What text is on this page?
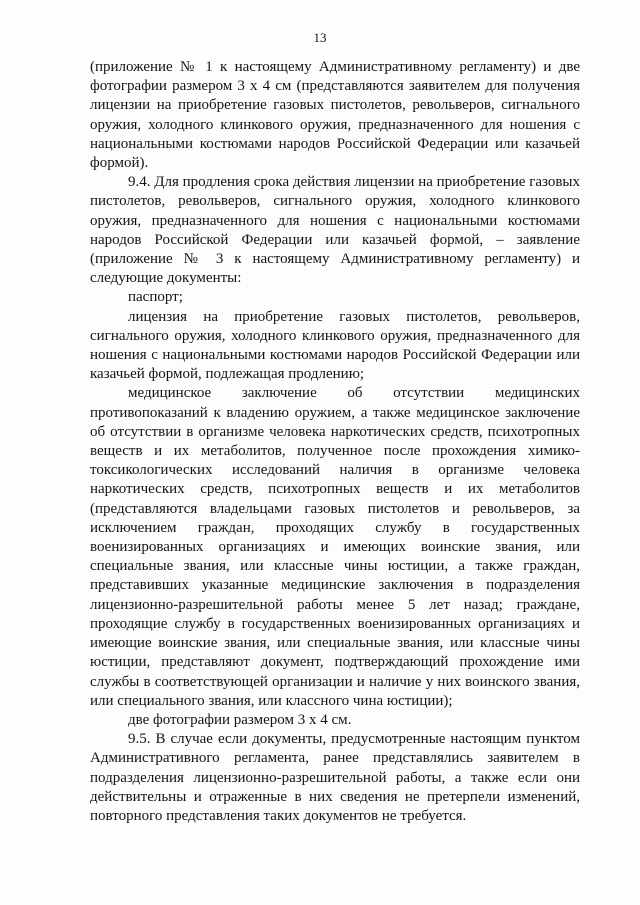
13

(приложение № 1 к настоящему Административному регламенту) и две фотографии размером 3 х 4 см (представляются заявителем для получения лицензии на приобретение газовых пистолетов, револьверов, сигнального оружия, холодного клинкового оружия, предназначенного для ношения с национальными костюмами народов Российской Федерации или казачьей формой).

9.4. Для продления срока действия лицензии на приобретение газовых пистолетов, револьверов, сигнального оружия, холодного клинкового оружия, предназначенного для ношения с национальными костюмами народов Российской Федерации или казачьей формой, – заявление (приложение № 3 к настоящему Административному регламенту) и следующие документы:

паспорт;

лицензия на приобретение газовых пистолетов, револьверов, сигнального оружия, холодного клинкового оружия, предназначенного для ношения с национальными костюмами народов Российской Федерации или казачьей формой, подлежащая продлению;

медицинское заключение об отсутствии медицинских противопоказаний к владению оружием, а также медицинское заключение об отсутствии в организме человека наркотических средств, психотропных веществ и их метаболитов, полученное после прохождения химико-токсикологических исследований наличия в организме человека наркотических средств, психотропных веществ и их метаболитов (представляются владельцами газовых пистолетов и револьверов, за исключением граждан, проходящих службу в государственных военизированных организациях и имеющих воинские звания, или специальные звания, или классные чины юстиции, а также граждан, представивших указанные медицинские заключения в подразделения лицензионно-разрешительной работы менее 5 лет назад; граждане, проходящие службу в государственных военизированных организациях и имеющие воинские звания, или специальные звания, или классные чины юстиции, представляют документ, подтверждающий прохождение ими службы в соответствующей организации и наличие у них воинского звания, или специального звания, или классного чина юстиции);

две фотографии размером 3 х 4 см.

9.5. В случае если документы, предусмотренные настоящим пунктом Административного регламента, ранее представлялись заявителем в подразделения лицензионно-разрешительной работы, а также если они действительны и отраженные в них сведения не претерпели изменений, повторного представления таких документов не требуется.
